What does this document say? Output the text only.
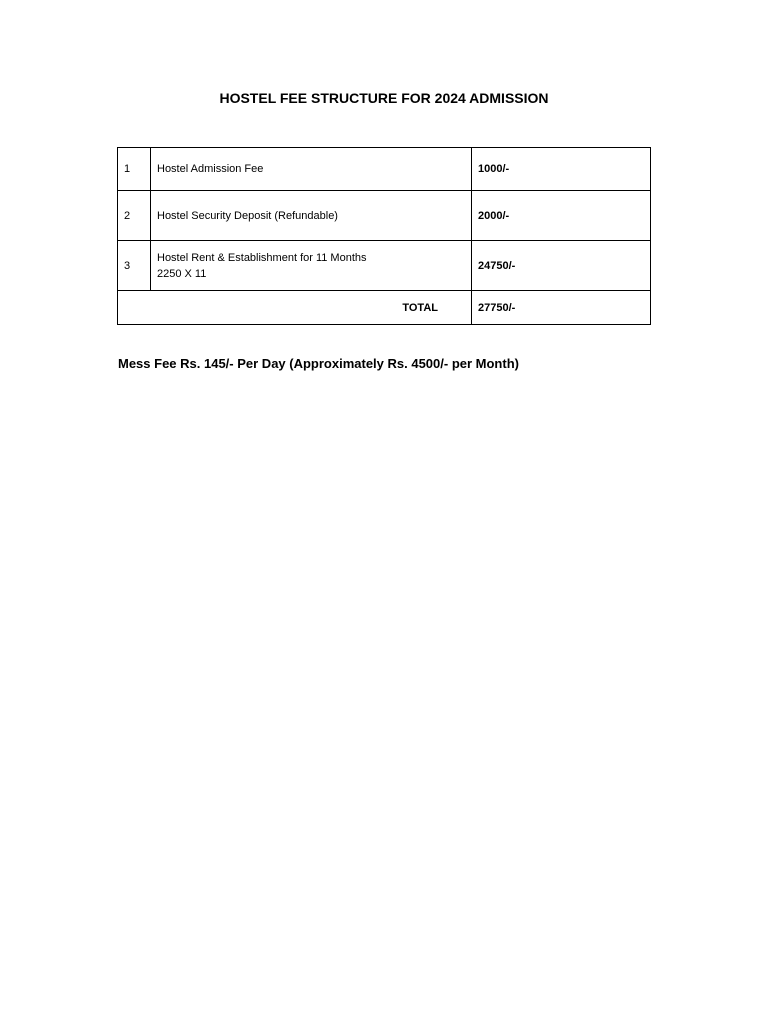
HOSTEL FEE STRUCTURE FOR 2024 ADMISSION
1	Hostel Admission Fee	1000/-
2	Hostel Security Deposit (Refundable)	2000/-
3	Hostel Rent & Establishment for 11 Months
2250 X 11	24750/-
TOTAL		27750/-
Mess Fee Rs. 145/- Per Day (Approximately Rs. 4500/- per Month)
